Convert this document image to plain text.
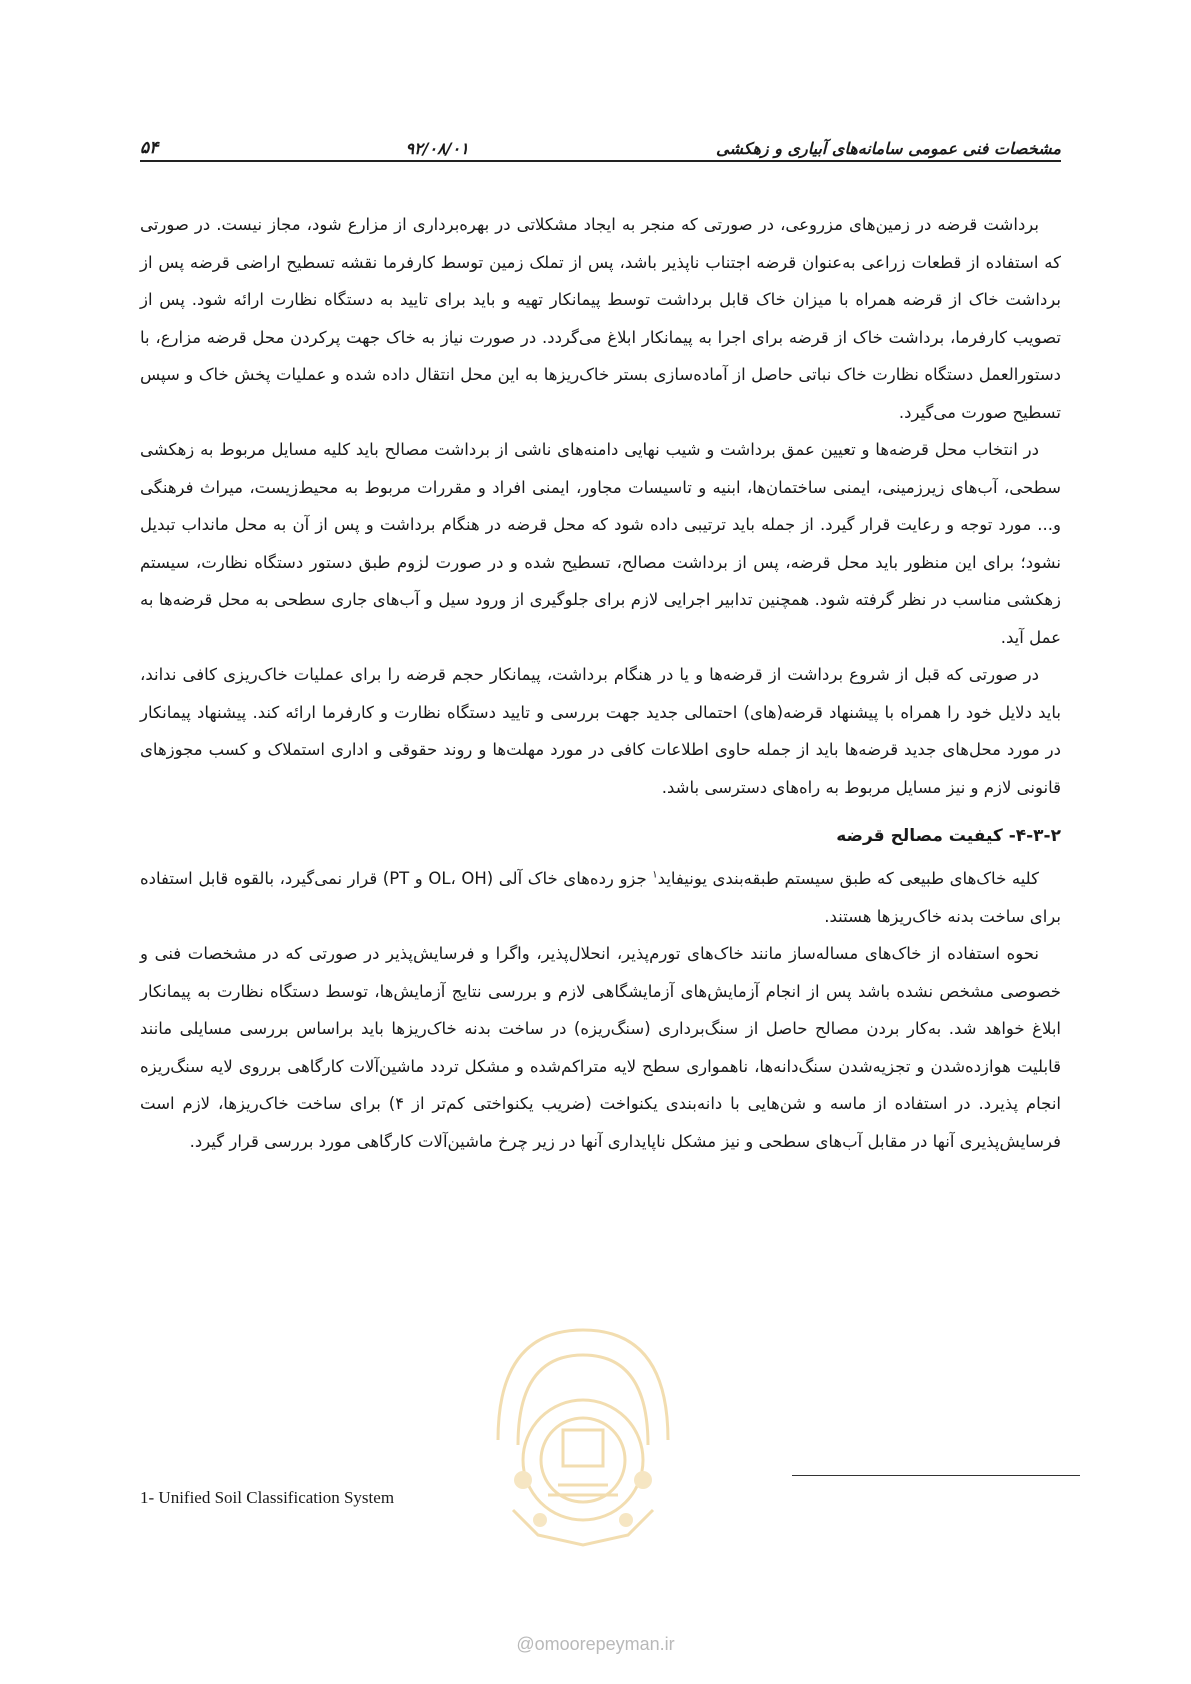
۵۴	۹۲/۰۸/۰۱	مشخصات فنی عمومی سامانه‌های آبیاری و زهکشی

برداشت قرضه در زمین‌های مزروعی، در صورتی که منجر به ایجاد مشکلاتی در بهره‌برداری از مزارع شود، مجاز نیست. در صورتی که استفاده از قطعات زراعی به‌عنوان قرضه اجتناب ناپذیر باشد، پس از تملک زمین توسط کارفرما نقشه تسطیح اراضی قرضه پس از برداشت خاک از قرضه همراه با میزان خاک قابل برداشت توسط پیمانکار تهیه و باید برای تایید به دستگاه نظارت ارائه شود. پس از تصویب کارفرما، برداشت خاک از قرضه برای اجرا به پیمانکار ابلاغ می‌گردد. در صورت نیاز به خاک جهت پرکردن محل قرضه مزارع، با دستورالعمل دستگاه نظارت خاک نباتی حاصل از آماده‌سازی بستر خاک‌ریزها به این محل انتقال داده شده و عملیات پخش خاک و سپس تسطیح صورت می‌گیرد.

در انتخاب محل قرضه‌ها و تعیین عمق برداشت و شیب نهایی دامنه‌های ناشی از برداشت مصالح باید کلیه مسایل مربوط به زهکشی سطحی، آب‌های زیرزمینی، ایمنی ساختمان‌ها، ابنیه و تاسیسات مجاور، ایمنی افراد و مقررات مربوط به محیط‌زیست، میراث فرهنگی و... مورد توجه و رعایت قرار گیرد. از جمله باید ترتیبی داده شود که محل قرضه در هنگام برداشت و پس از آن به محل مانداب تبدیل نشود؛ برای این منظور باید محل قرضه، پس از برداشت مصالح، تسطیح شده و در صورت لزوم طبق دستور دستگاه نظارت، سیستم زهکشی مناسب در نظر گرفته شود. همچنین تدابیر اجرایی لازم برای جلوگیری از ورود سیل و آب‌های جاری سطحی به محل قرضه‌ها به عمل آید.

در صورتی که قبل از شروع برداشت از قرضه‌ها و یا در هنگام برداشت، پیمانکار حجم قرضه را برای عملیات خاک‌ریزی کافی نداند، باید دلایل خود را همراه با پیشنهاد قرضه(های) احتمالی جدید جهت بررسی و تایید دستگاه نظارت و کارفرما ارائه کند. پیشنهاد پیمانکار در مورد محل‌های جدید قرضه‌ها باید از جمله حاوی اطلاعات کافی در مورد مهلت‌ها و روند حقوقی و اداری استملاک و کسب مجوزهای قانونی لازم و نیز مسایل مربوط به راه‌های دسترسی باشد.

۴-۳-۲- کیفیت مصالح قرضه

کلیه خاک‌های طبیعی که طبق سیستم طبقه‌بندی یونیفاید$^۱$ جزو رده‌های خاک آلی (OL، OH و PT) قرار نمی‌گیرد، بالقوه قابل استفاده برای ساخت بدنه خاک‌ریزها هستند.

نحوه استفاده از خاک‌های مساله‌ساز مانند خاک‌های تورم‌پذیر، انحلال‌پذیر، واگرا و فرسایش‌پذیر در صورتی که در مشخصات فنی و خصوصی مشخص نشده باشد پس از انجام آزمایش‌های آزمایشگاهی لازم و بررسی نتایج آزمایش‌ها، توسط دستگاه نظارت به پیمانکار ابلاغ خواهد شد. به‌کار بردن مصالح حاصل از سنگ‌برداری (سنگ‌ریزه) در ساخت بدنه خاک‌ریزها باید براساس بررسی مسایلی مانند قابلیت هوازده‌شدن و تجزیه‌شدن سنگ‌دانه‌ها، ناهمواری سطح لایه متراکم‌شده و مشکل تردد ماشین‌آلات کارگاهی برروی لایه سنگ‌ریزه انجام پذیرد. در استفاده از ماسه و شن‌هایی با دانه‌بندی یکنواخت (ضریب یکنواختی کم‌تر از ۴) برای ساخت خاک‌ریزها، لازم است فرسایش‌پذیری آنها در مقابل آب‌های سطحی و نیز مشکل ناپایداری آنها در زیر چرخ ماشین‌آلات کارگاهی مورد بررسی قرار گیرد.

1- Unified Soil Classification System
@omoorepeyman.ir
